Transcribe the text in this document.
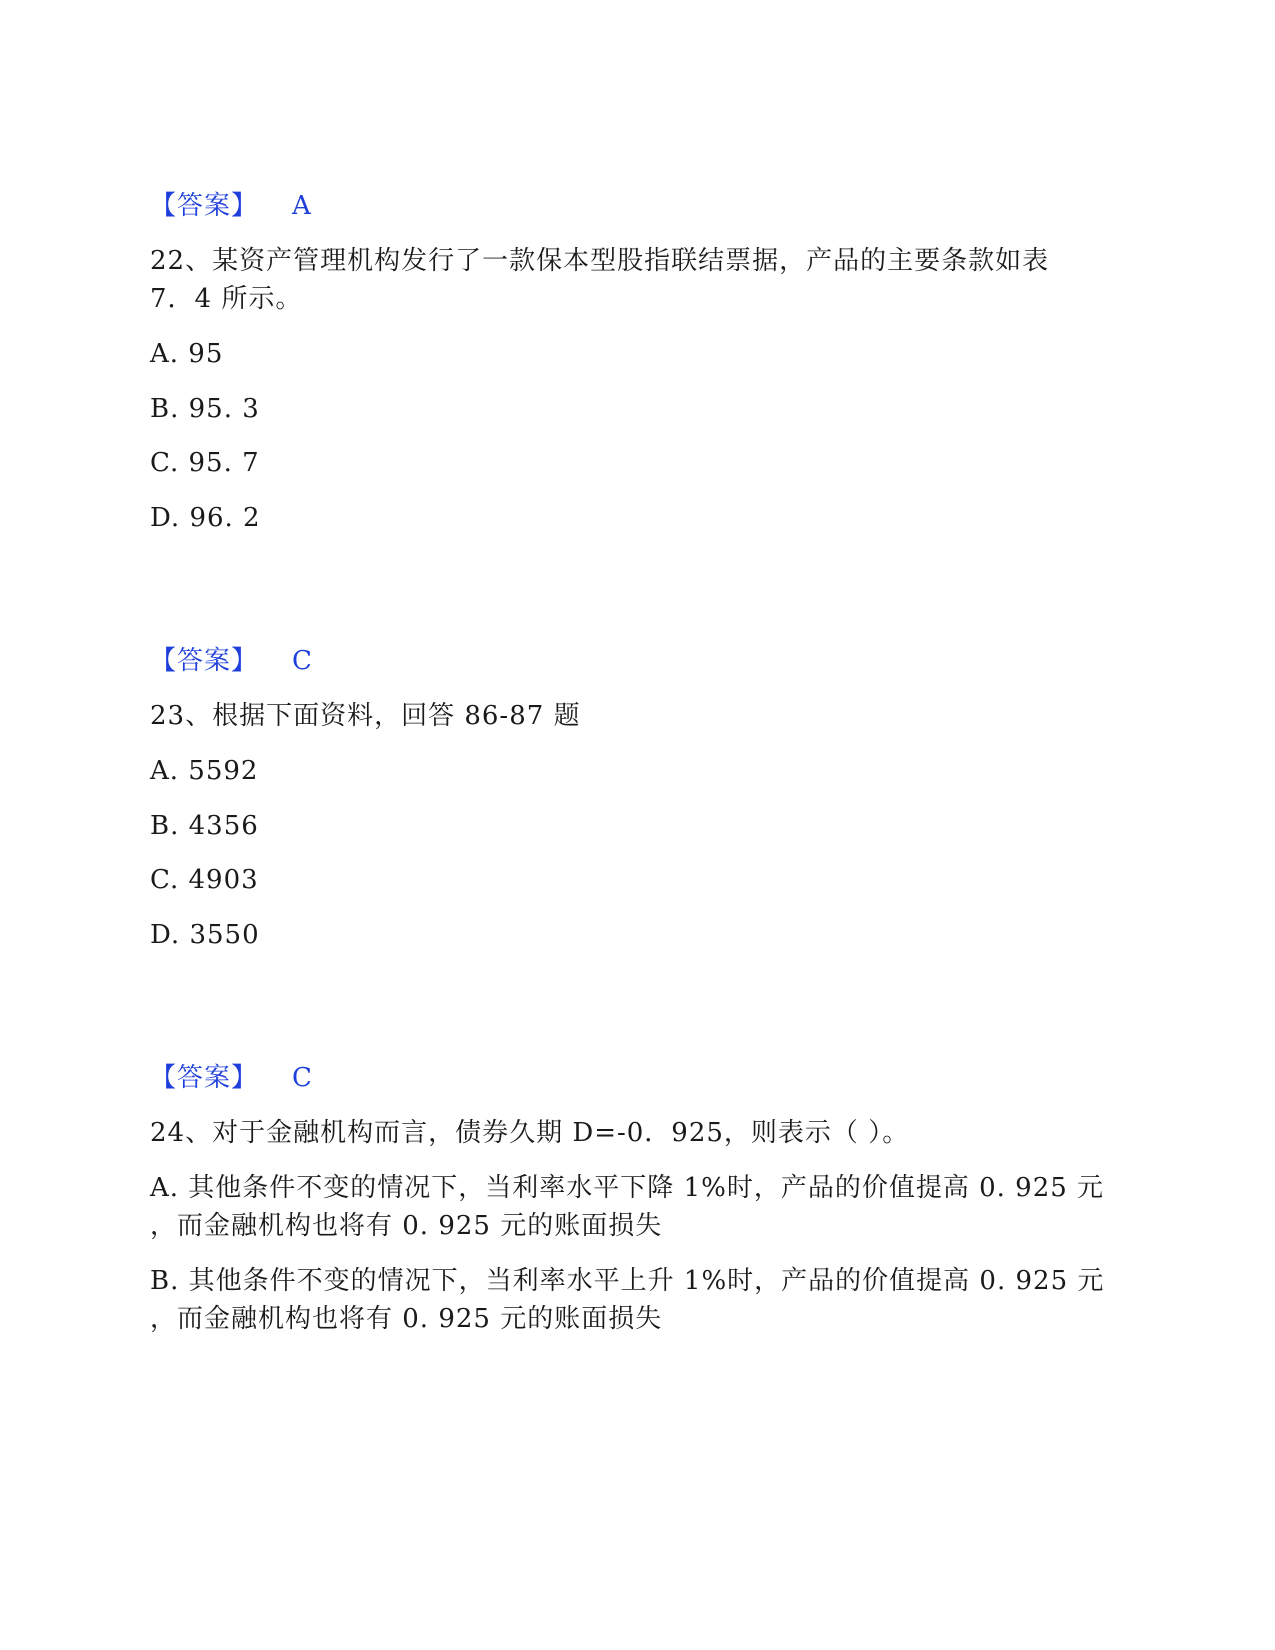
【答案】 A
22、某资产管理机构发行了一款保本型股指联结票据，产品的主要条款如表
7．4 所示。
A. 95
B. 95. 3
C. 95. 7
D. 96. 2
【答案】 C
23、根据下面资料，回答 86-87 题
A. 5592
B. 4356
C. 4903
D. 3550
【答案】 C
24、对于金融机构而言，债券久期 D=-0．925，则表示（ ）。
A. 其他条件不变的情况下，当利率水平下降 1%时，产品的价值提高 0. 925 元
，而金融机构也将有 0. 925 元的账面损失
B. 其他条件不变的情况下，当利率水平上升 1%时，产品的价值提高 0. 925 元
，而金融机构也将有 0. 925 元的账面损失
